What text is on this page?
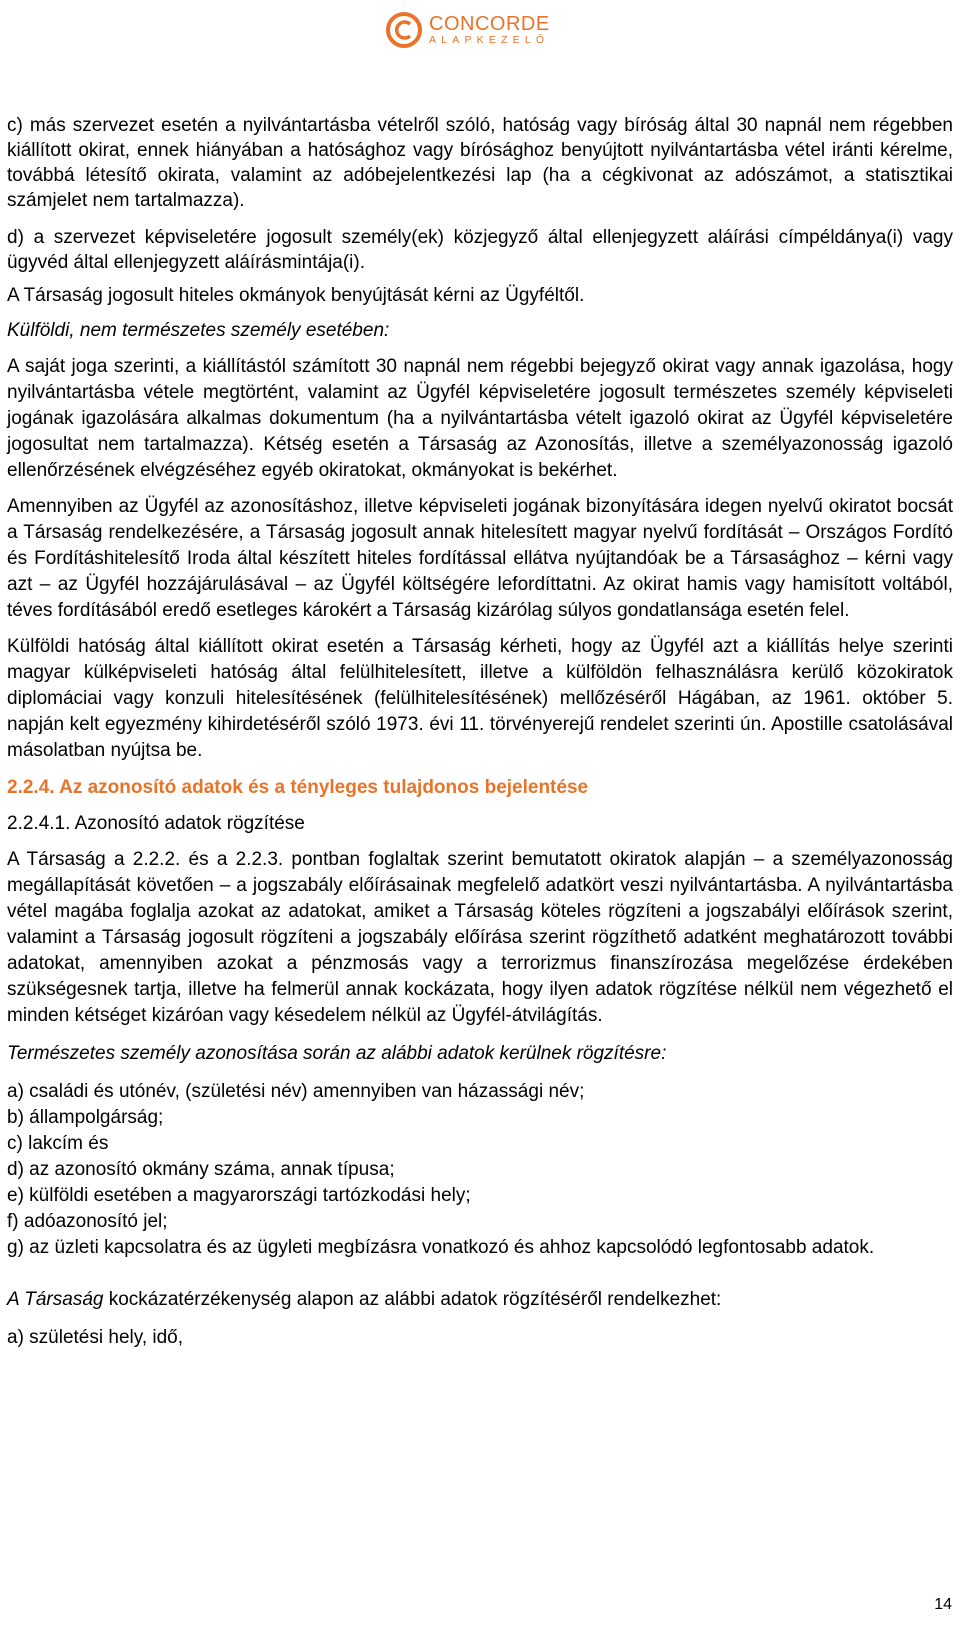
CONCORDE
ALAPKEZELŐ

c) más szervezet esetén a nyilvántartásba vételről szóló, hatóság vagy bíróság által 30 napnál nem régebben kiállított okirat, ennek hiányában a hatósághoz vagy bírósághoz benyújtott nyilvántartásba vétel iránti kérelme, továbbá létesítő okirata, valamint az adóbejelentkezési lap (ha a cégkivonat az adószámot, a statisztikai számjelet nem tartalmazza).

d) a szervezet képviseletére jogosult személy(ek) közjegyző által ellenjegyzett aláírási címpéldánya(i) vagy ügyvéd által ellenjegyzett aláírásmintája(i).

A Társaság jogosult hiteles okmányok benyújtását kérni az Ügyféltől.

Külföldi, nem természetes személy esetében:

A saját joga szerinti, a kiállítástól számított 30 napnál nem régebbi bejegyző okirat vagy annak igazolása, hogy nyilvántartásba vétele megtörtént, valamint az Ügyfél képviseletére jogosult természetes személy képviseleti jogának igazolására alkalmas dokumentum (ha a nyilvántartásba vételt igazoló okirat az Ügyfél képviseletére jogosultat nem tartalmazza). Kétség esetén a Társaság az Azonosítás, illetve a személyazonosság igazoló ellenőrzésének elvégzéséhez egyéb okiratokat, okmányokat is bekérhet.

Amennyiben az Ügyfél az azonosításhoz, illetve képviseleti jogának bizonyítására idegen nyelvű okiratot bocsát a Társaság rendelkezésére, a Társaság jogosult annak hitelesített magyar nyelvű fordítását – Országos Fordító és Fordításhitelesítő Iroda által készített hiteles fordítással ellátva nyújtandóak be a Társasághoz – kérni vagy azt – az Ügyfél hozzájárulásával – az Ügyfél költségére lefordíttatni. Az okirat hamis vagy hamisított voltából, téves fordításából eredő esetleges károkért a Társaság kizárólag súlyos gondatlansága esetén felel.

Külföldi hatóság által kiállított okirat esetén a Társaság kérheti, hogy az Ügyfél azt a kiállítás helye szerinti magyar külképviseleti hatóság által felülhitelesített, illetve a külföldön felhasználásra kerülő közokiratok diplomáciai vagy konzuli hitelesítésének (felülhitelesítésének) mellőzéséről Hágában, az 1961. október 5. napján kelt egyezmény kihirdetéséről szóló 1973. évi 11. törvényerejű rendelet szerinti ún. Apostille csatolásával másolatban nyújtsa be.

2.2.4. Az azonosító adatok és a tényleges tulajdonos bejelentése

2.2.4.1. Azonosító adatok rögzítése

A Társaság a 2.2.2. és a 2.2.3. pontban foglaltak szerint bemutatott okiratok alapján – a személyazonosság megállapítását követően – a jogszabály előírásainak megfelelő adatkört veszi nyilvántartásba. A nyilvántartásba vétel magába foglalja azokat az adatokat, amiket a Társaság köteles rögzíteni a jogszabályi előírások szerint, valamint a Társaság jogosult rögzíteni a jogszabály előírása szerint rögzíthető adatként meghatározott további adatokat, amennyiben azokat a pénzmosás vagy a terrorizmus finanszírozása megelőzése érdekében szükségesnek tartja, illetve ha felmerül annak kockázata, hogy ilyen adatok rögzítése nélkül nem végezhető el minden kétséget kizáróan vagy késedelem nélkül az Ügyfél-átvilágítás.

Természetes személy azonosítása során az alábbi adatok kerülnek rögzítésre:

a) családi és utónév, (születési név) amennyiben van házassági név;
b) állampolgárság;
c) lakcím és
d) az azonosító okmány száma, annak típusa;
e) külföldi esetében a magyarországi tartózkodási hely;
f) adóazonosító jel;
g) az üzleti kapcsolatra és az ügyleti megbízásra vonatkozó és ahhoz kapcsolódó legfontosabb adatok.

A Társaság kockázatérzékenység alapon az alábbi adatok rögzítéséről rendelkezhet:

a) születési hely, idő,

14
